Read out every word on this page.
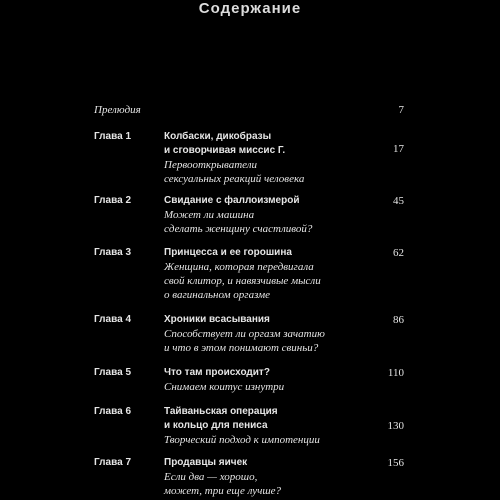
Содержание
Прелюдия	7
Глава 1	Колбаски, дикобразы
и сговорчивая миссис Г.
Первооткрыватели
сексуальных реакций человека
17
Глава 2	Свидание с фаллоизмерой
Может ли машина
сделать женщину счастливой?
45
Глава 3	Принцесса и ее горошина
Женщина, которая передвигала
свой клитор, и навязчивые мысли
о вагинальном оргазме
62
Глава 4	Хроники всасывания
Способствует ли оргазм зачатию
и что в этом понимают свиньи?
86
Глава 5	Что там происходит?
Снимаем коитус изнутри
110
Глава 6	Тайваньская операция
и кольцо для пениса
Творческий подход к импотенции
130
Глава 7	Продавцы яичек
Если два — хорошо,
может, три еще лучше?
156
